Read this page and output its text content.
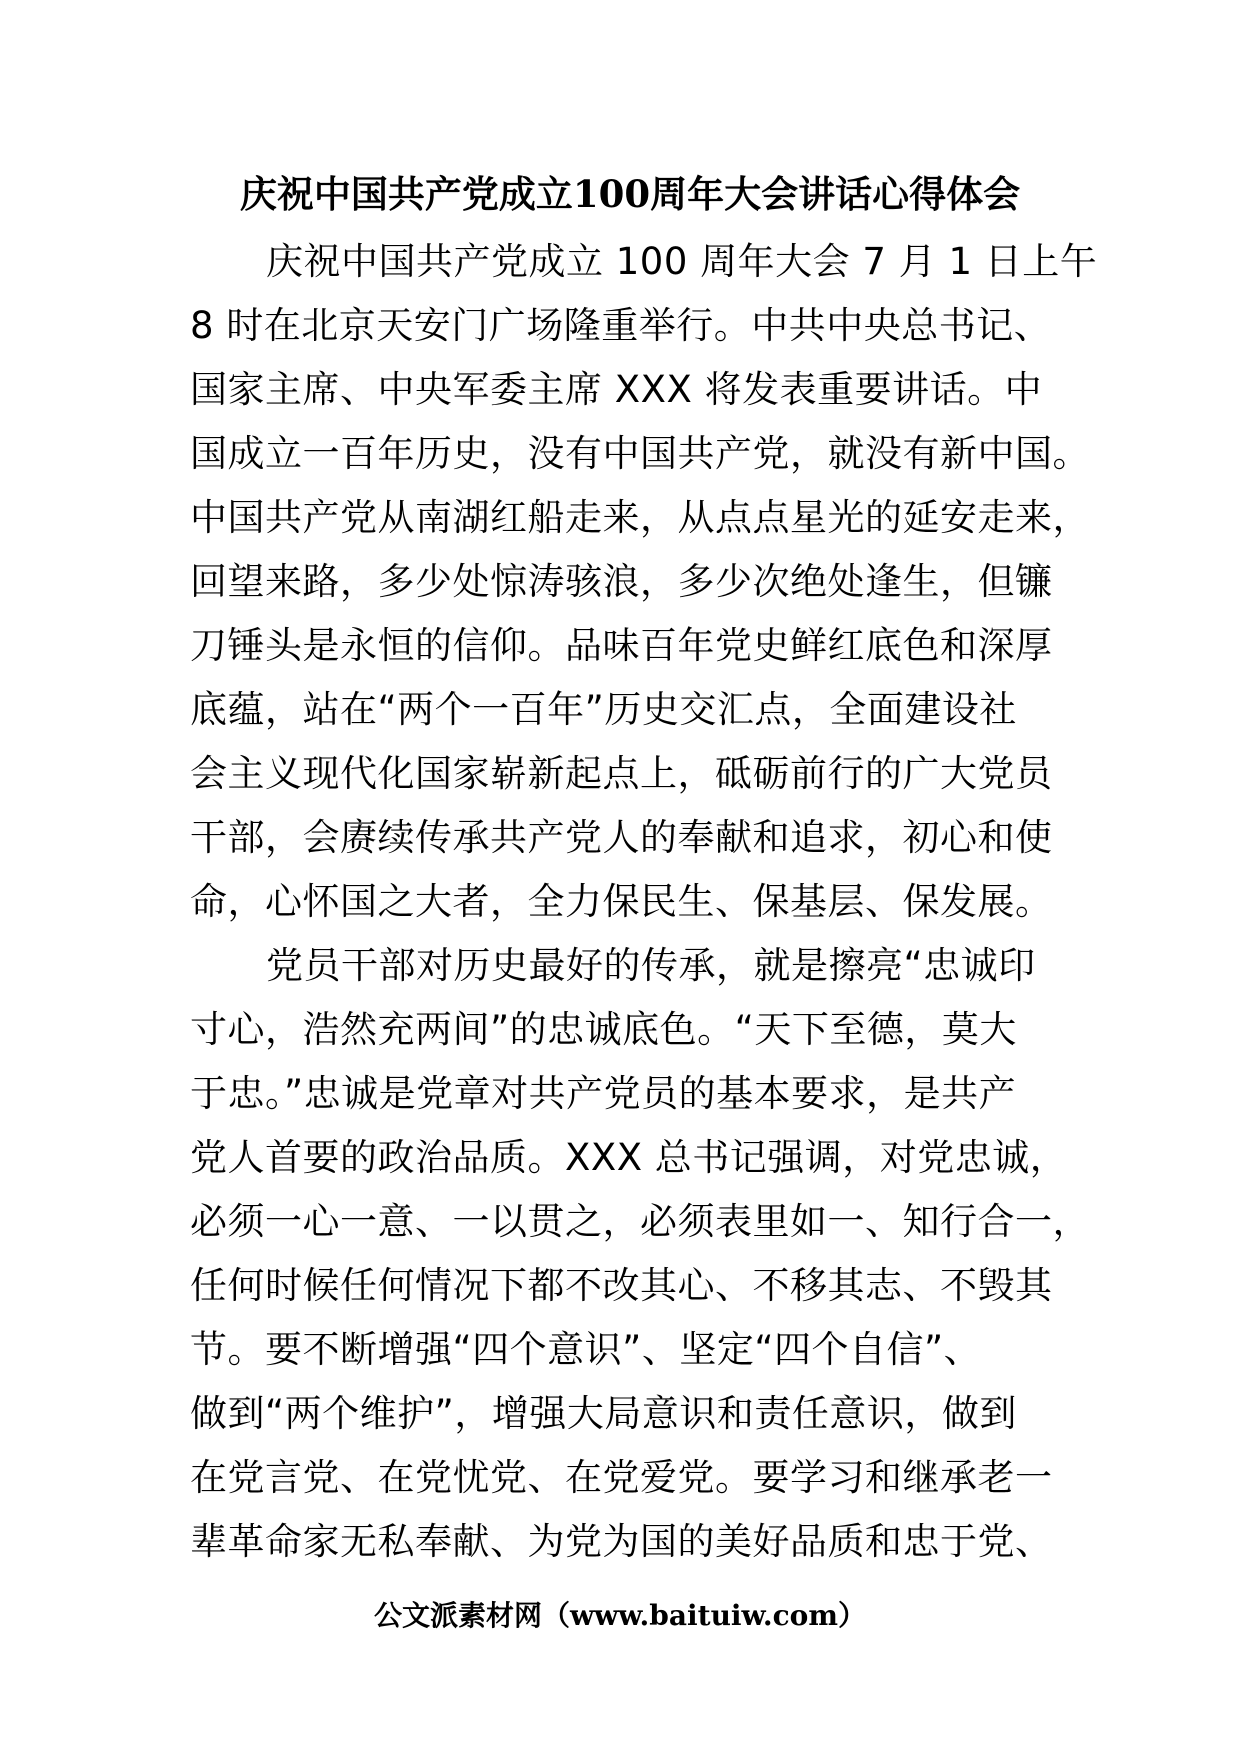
庆祝中国共产党成立100周年大会讲话心得体会
庆祝中国共产党成立 100 周年大会 7 月 1 日上午
8 时在北京天安门广场隆重举行。中共中央总书记、
国家主席、中央军委主席 XXX 将发表重要讲话。中
国成立一百年历史，没有中国共产党，就没有新中国。
中国共产党从南湖红船走来，从点点星光的延安走来，
回望来路，多少处惊涛骇浪，多少次绝处逢生，但镰
刀锤头是永恒的信仰。品味百年党史鲜红底色和深厚
底蕴，站在“两个一百年”历史交汇点，全面建设社
会主义现代化国家崭新起点上，砥砺前行的广大党员
干部，会赓续传承共产党人的奉献和追求，初心和使
命，心怀国之大者，全力保民生、保基层、保发展。
党员干部对历史最好的传承，就是擦亮“忠诚印
寸心，浩然充两间”的忠诚底色。“天下至德，莫大
于忠。”忠诚是党章对共产党员的基本要求，是共产
党人首要的政治品质。XXX 总书记强调，对党忠诚，
必须一心一意、一以贯之，必须表里如一、知行合一，
任何时候任何情况下都不改其心、不移其志、不毁其
节。要不断增强“四个意识”、坚定“四个自信”、
做到“两个维护”，增强大局意识和责任意识，做到
在党言党、在党忧党、在党爱党。要学习和继承老一
辈革命家无私奉献、为党为国的美好品质和忠于党、
公文派素材网（www.baituiw.com）
